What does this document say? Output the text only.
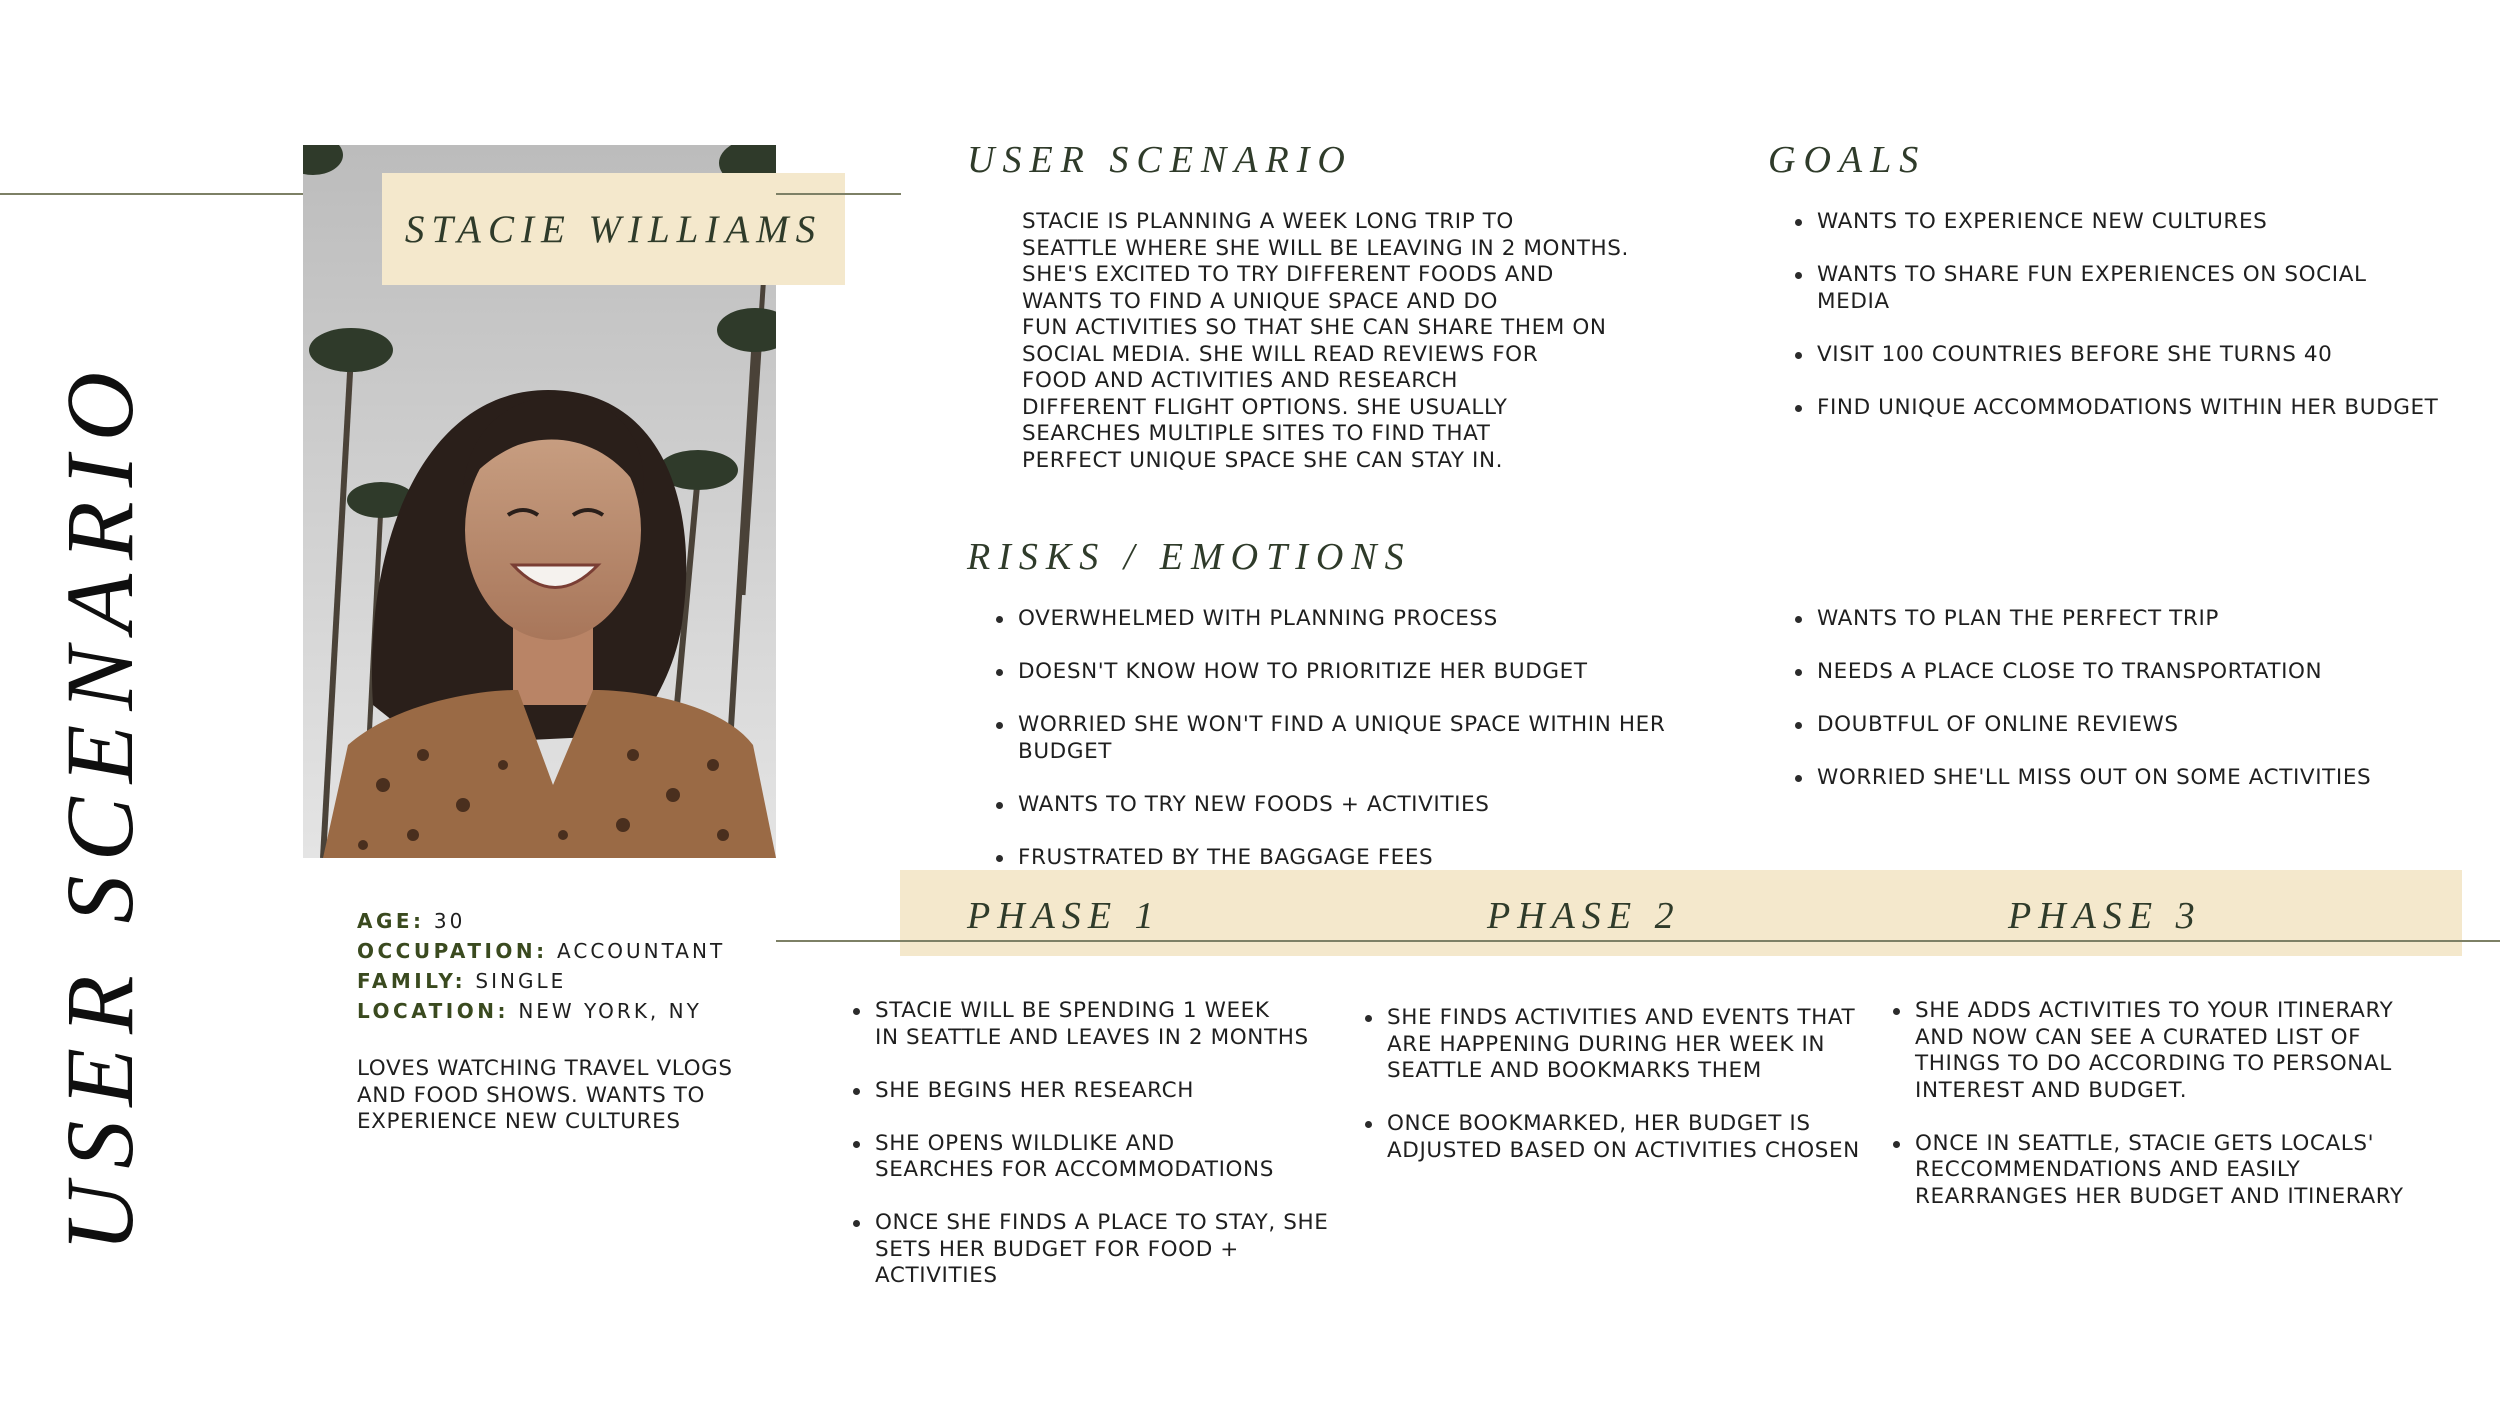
USER SCENARIO
STACIE WILLIAMS
AGE: 30
OCCUPATION: ACCOUNTANT
FAMILY: SINGLE
LOCATION: NEW YORK, NY
LOVES WATCHING TRAVEL VLOGS
AND FOOD SHOWS. WANTS TO
EXPERIENCE NEW CULTURES
USER SCENARIO
STACIE IS PLANNING A WEEK LONG TRIP TO
SEATTLE WHERE SHE WILL BE LEAVING IN 2 MONTHS.
SHE'S EXCITED TO TRY DIFFERENT FOODS AND
WANTS TO FIND A UNIQUE SPACE AND DO
FUN ACTIVITIES SO THAT SHE CAN SHARE THEM ON
SOCIAL MEDIA. SHE WILL READ REVIEWS FOR
FOOD AND ACTIVITIES AND RESEARCH
DIFFERENT FLIGHT OPTIONS. SHE USUALLY
SEARCHES MULTIPLE SITES TO FIND THAT
PERFECT UNIQUE SPACE SHE CAN STAY IN.
GOALS
WANTS TO EXPERIENCE NEW CULTURES
WANTS TO SHARE FUN EXPERIENCES ON SOCIAL MEDIA
VISIT 100 COUNTRIES BEFORE SHE TURNS 40
FIND UNIQUE ACCOMMODATIONS WITHIN HER BUDGET
RISKS / EMOTIONS
OVERWHELMED WITH PLANNING PROCESS
DOESN'T KNOW HOW TO PRIORITIZE HER BUDGET
WORRIED SHE WON'T FIND A UNIQUE SPACE WITHIN HER BUDGET
WANTS TO TRY NEW FOODS + ACTIVITIES
FRUSTRATED BY THE BAGGAGE FEES
WANTS TO PLAN THE PERFECT TRIP
NEEDS A PLACE CLOSE TO TRANSPORTATION
DOUBTFUL OF ONLINE REVIEWS
WORRIED SHE'LL MISS OUT ON SOME ACTIVITIES
PHASE 1	PHASE 2	PHASE 3
STACIE WILL BE SPENDING 1 WEEK
IN SEATTLE AND LEAVES IN 2 MONTHS
SHE BEGINS HER RESEARCH
SHE OPENS WILDLIKE AND
SEARCHES FOR ACCOMMODATIONS
ONCE SHE FINDS A PLACE TO STAY, SHE
SETS HER BUDGET FOR FOOD + ACTIVITIES
SHE FINDS ACTIVITIES AND EVENTS THAT
ARE HAPPENING DURING HER WEEK IN
SEATTLE AND BOOKMARKS THEM
ONCE BOOKMARKED, HER BUDGET IS
ADJUSTED BASED ON ACTIVITIES CHOSEN
SHE ADDS ACTIVITIES TO YOUR ITINERARY
AND NOW CAN SEE A CURATED LIST OF
THINGS TO DO ACCORDING TO PERSONAL
INTEREST AND BUDGET.
ONCE IN SEATTLE, STACIE GETS LOCALS'
RECCOMMENDATIONS AND EASILY
REARRANGES HER BUDGET AND ITINERARY
